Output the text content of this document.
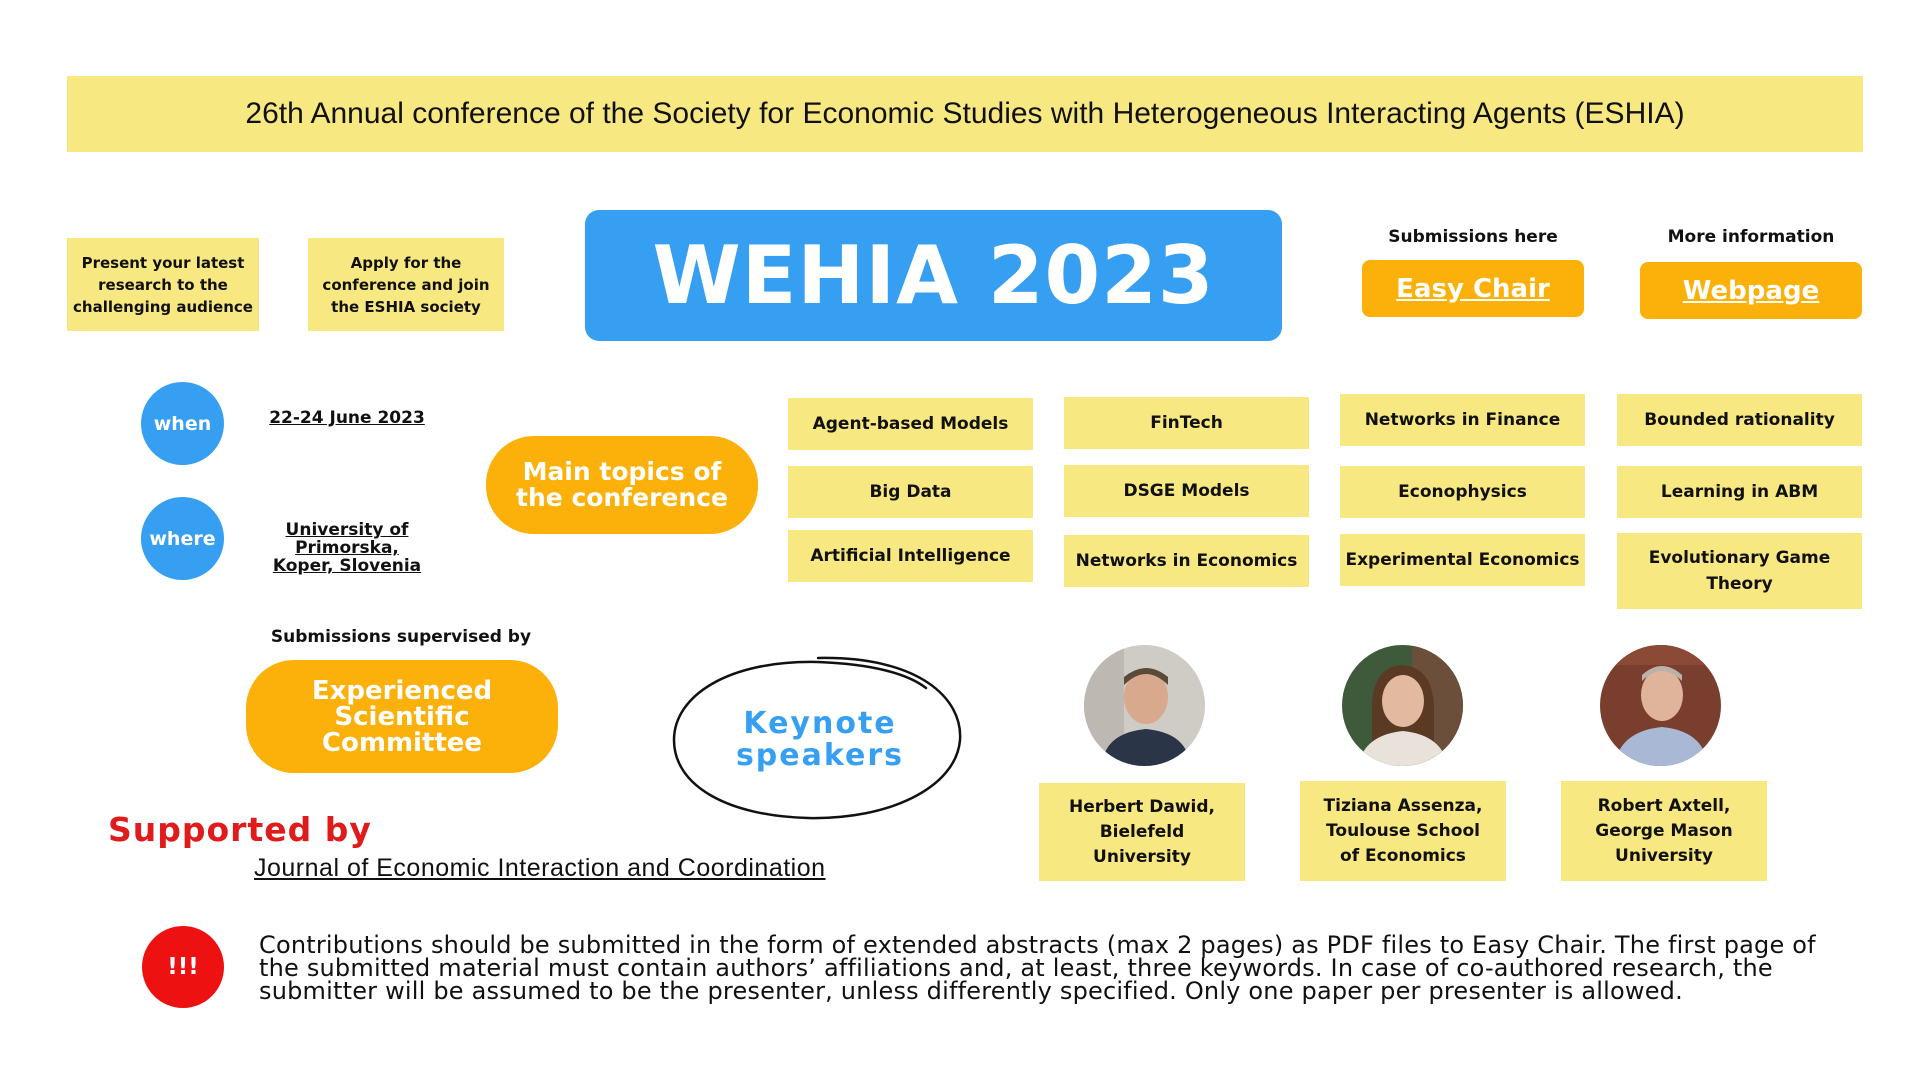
26th Annual conference of the Society for Economic Studies with Heterogeneous Interacting Agents (ESHIA)
Present your latest research to the challenging audience
Apply for the conference and join the ESHIA society	WEHIA 2023	Submissions here
Easy Chair
More information
Webpage
when	22-24 June 2023
where	University of Primorska,
Koper, Slovenia
Main topics of the conference
Agent-based Models
Big Data
Artificial Intelligence
FinTech
DSGE Models
Networks in Economics
Networks in Finance
Econophysics
Experimental Economics
Bounded rationality
Learning in ABM
Evolutionary Game Theory
Submissions supervised by
Experienced Scientific Committee
Keynote speakers
Herbert Dawid, Bielefeld University
Tiziana Assenza, Toulouse School of Economics
Robert Axtell, George Mason University
Supported by
Journal of Economic Interaction and Coordination
!!!
Contributions should be submitted in the form of extended abstracts (max 2 pages) as PDF files to Easy Chair. The first page of the submitted material must contain authors’ affiliations and, at least, three keywords. In case of co-authored research, the submitter will be assumed to be the presenter, unless differently specified. Only one paper per presenter is allowed.
